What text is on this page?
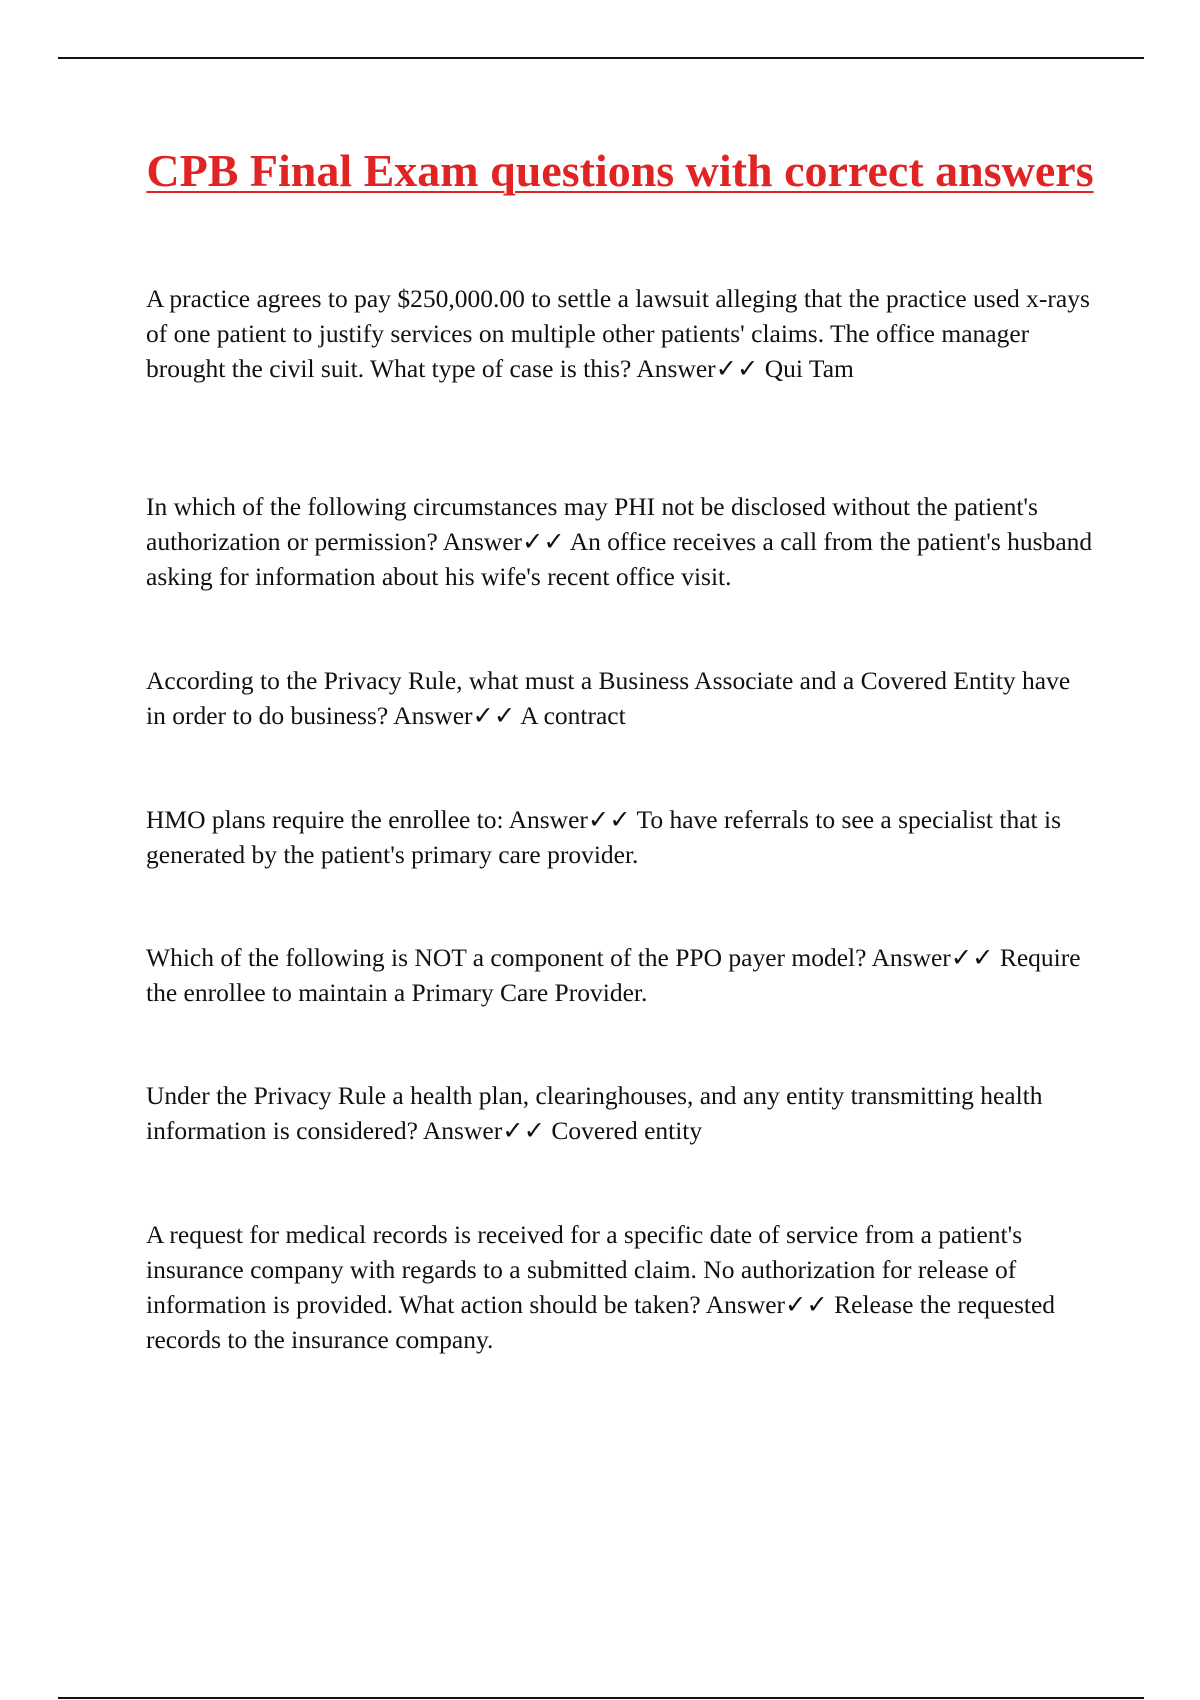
CPB Final Exam questions with correct answers

A practice agrees to pay $250,000.00 to settle a lawsuit alleging that the practice used x-rays of one patient to justify services on multiple other patients' claims. The office manager brought the civil suit. What type of case is this? Answer✓✓ Qui Tam

In which of the following circumstances may PHI not be disclosed without the patient's authorization or permission? Answer✓✓ An office receives a call from the patient's husband asking for information about his wife's recent office visit.

According to the Privacy Rule, what must a Business Associate and a Covered Entity have in order to do business? Answer✓✓ A contract

HMO plans require the enrollee to: Answer✓✓ To have referrals to see a specialist that is generated by the patient's primary care provider.

Which of the following is NOT a component of the PPO payer model? Answer✓✓ Require the enrollee to maintain a Primary Care Provider.

Under the Privacy Rule a health plan, clearinghouses, and any entity transmitting health information is considered? Answer✓✓ Covered entity

A request for medical records is received for a specific date of service from a patient's insurance company with regards to a submitted claim. No authorization for release of information is provided. What action should be taken? Answer✓✓ Release the requested records to the insurance company.
